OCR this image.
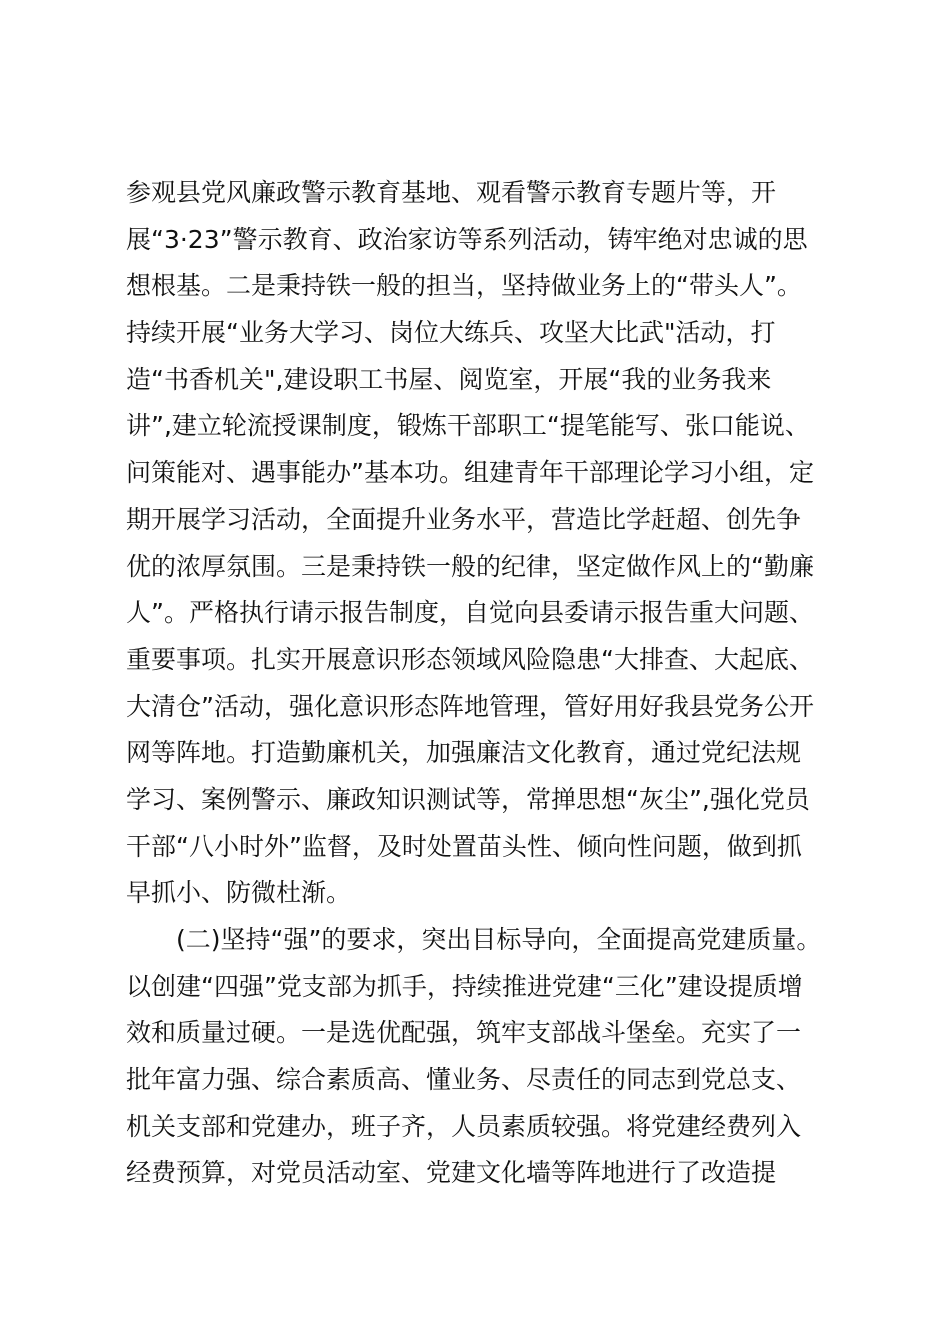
参观县党风廉政警示教育基地、观看警示教育专题片等，开
展“3·23”警示教育、政治家访等系列活动，铸牢绝对忠诚的思
想根基。二是秉持铁一般的担当，坚持做业务上的“带头人”。
持续开展“业务大学习、岗位大练兵、攻坚大比武"活动，打
造“书香机关",建设职工书屋、阅览室，开展“我的业务我来
讲”,建立轮流授课制度，锻炼干部职工“提笔能写、张口能说、
问策能对、遇事能办”基本功。组建青年干部理论学习小组，定
期开展学习活动，全面提升业务水平，营造比学赶超、创先争
优的浓厚氛围。三是秉持铁一般的纪律，坚定做作风上的“勤廉
人”。严格执行请示报告制度，自觉向县委请示报告重大问题、
重要事项。扎实开展意识形态领域风险隐患“大排查、大起底、
大清仓”活动，强化意识形态阵地管理，管好用好我县党务公开
网等阵地。打造勤廉机关，加强廉洁文化教育，通过党纪法规
学习、案例警示、廉政知识测试等，常掸思想“灰尘”,强化党员
干部“八小时外”监督，及时处置苗头性、倾向性问题，做到抓
早抓小、防微杜渐。
(二)坚持“强”的要求，突出目标导向，全面提高党建质量。
以创建“四强”党支部为抓手，持续推进党建“三化”建设提质增
效和质量过硬。一是选优配强，筑牢支部战斗堡垒。充实了一
批年富力强、综合素质高、懂业务、尽责任的同志到党总支、
机关支部和党建办，班子齐，人员素质较强。将党建经费列入
经费预算，对党员活动室、党建文化墙等阵地进行了改造提
